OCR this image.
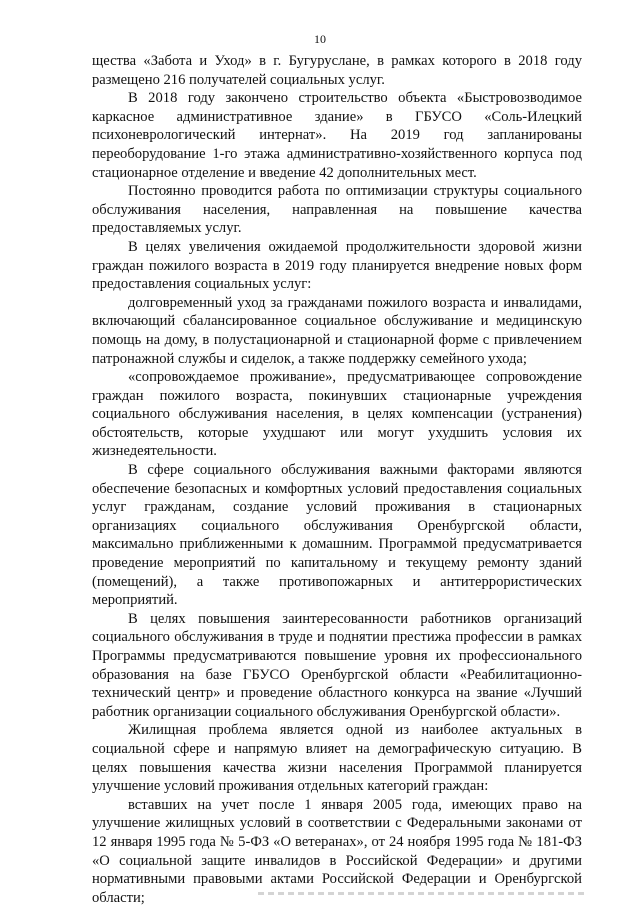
10

щества «Забота и Уход» в г. Бугуруслане, в рамках которого в 2018 году размещено 216 получателей социальных услуг.

В 2018 году закончено строительство объекта «Быстровозводимое каркасное административное здание» в ГБУСО «Соль-Илецкий психоневрологический интернат». На 2019 год запланированы переоборудование 1-го этажа административно-хозяйственного корпуса под стационарное отделение и введение 42 дополнительных мест.

Постоянно проводится работа по оптимизации структуры социального обслуживания населения, направленная на повышение качества предоставляемых услуг.

В целях увеличения ожидаемой продолжительности здоровой жизни граждан пожилого возраста в 2019 году планируется внедрение новых форм предоставления социальных услуг:

долговременный уход за гражданами пожилого возраста и инвалидами, включающий сбалансированное социальное обслуживание и медицинскую помощь на дому, в полустационарной и стационарной форме с привлечением патронажной службы и сиделок, а также поддержку семейного ухода;

«сопровождаемое проживание», предусматривающее сопровождение граждан пожилого возраста, покинувших стационарные учреждения социального обслуживания населения, в целях компенсации (устранения) обстоятельств, которые ухудшают или могут ухудшить условия их жизнедеятельности.

В сфере социального обслуживания важными факторами являются обеспечение безопасных и комфортных условий предоставления социальных услуг гражданам, создание условий проживания в стационарных организациях социального обслуживания Оренбургской области, максимально приближенными к домашним. Программой предусматривается проведение мероприятий по капитальному и текущему ремонту зданий (помещений), а также противопожарных и антитеррористических мероприятий.

В целях повышения заинтересованности работников организаций социального обслуживания в труде и поднятии престижа профессии в рамках Программы предусматриваются повышение уровня их профессионального образования на базе ГБУСО Оренбургской области «Реабилитационно-технический центр» и проведение областного конкурса на звание «Лучший работник организации социального обслуживания Оренбургской области».

Жилищная проблема является одной из наиболее актуальных в социальной сфере и напрямую влияет на демографическую ситуацию. В целях повышения качества жизни населения Программой планируется улучшение условий проживания отдельных категорий граждан:

вставших на учет после 1 января 2005 года, имеющих право на улучшение жилищных условий в соответствии с Федеральными законами от 12 января 1995 года № 5-ФЗ «О ветеранах», от 24 ноября 1995 года № 181-ФЗ «О социальной защите инвалидов в Российской Федерации» и другими нормативными правовыми актами Российской Федерации и Оренбургской области;
